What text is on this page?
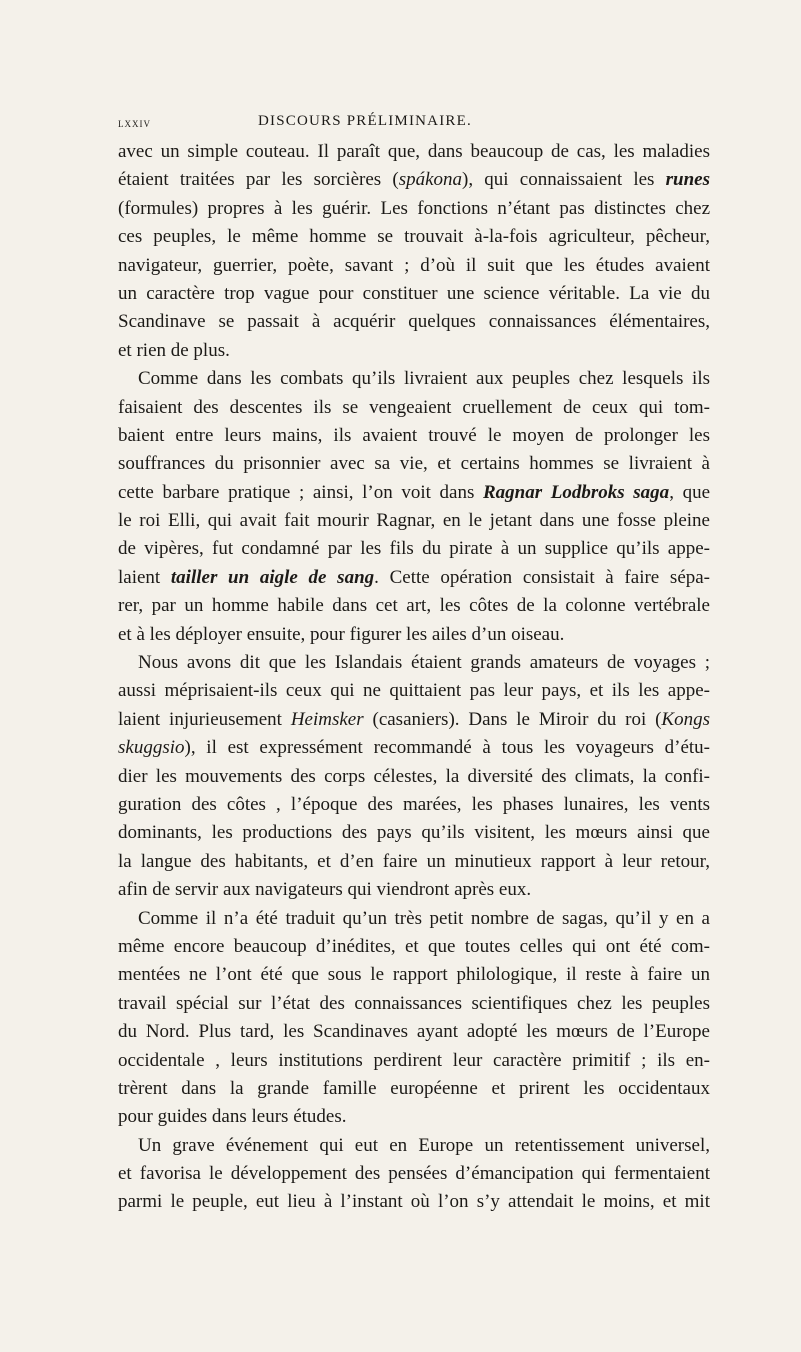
lxxiv	DISCOURS PRÉLIMINAIRE.
avec un simple couteau. Il paraît que, dans beaucoup de cas, les maladies
étaient traitées par les sorcières (spákona), qui connaissaient les runes
(formules) propres à les guérir. Les fonctions n’étant pas distinctes chez
ces peuples, le même homme se trouvait à-la-fois agriculteur, pêcheur,
navigateur, guerrier, poète, savant ; d’où il suit que les études avaient
un caractère trop vague pour constituer une science véritable. La vie du
Scandinave se passait à acquérir quelques connaissances élémentaires,
et rien de plus.
Comme dans les combats qu’ils livraient aux peuples chez lesquels ils
faisaient des descentes ils se vengeaient cruellement de ceux qui tom-
baient entre leurs mains, ils avaient trouvé le moyen de prolonger les
souffrances du prisonnier avec sa vie, et certains hommes se livraient à
cette barbare pratique ; ainsi, l’on voit dans Ragnar Lodbroks saga, que
le roi Elli, qui avait fait mourir Ragnar, en le jetant dans une fosse pleine
de vipères, fut condamné par les fils du pirate à un supplice qu’ils appe-
laient tailler un aigle de sang. Cette opération consistait à faire sépa-
rer, par un homme habile dans cet art, les côtes de la colonne vertébrale
et à les déployer ensuite, pour figurer les ailes d’un oiseau.
Nous avons dit que les Islandais étaient grands amateurs de voyages ;
aussi méprisaient-ils ceux qui ne quittaient pas leur pays, et ils les appe-
laient injurieusement Heimsker (casaniers). Dans le Miroir du roi (Kongs
skuggsio), il est expressément recommandé à tous les voyageurs d’étu-
dier les mouvements des corps célestes, la diversité des climats, la confi-
guration des côtes , l’époque des marées, les phases lunaires, les vents
dominants, les productions des pays qu’ils visitent, les mœurs ainsi que
la langue des habitants, et d’en faire un minutieux rapport à leur retour,
afin de servir aux navigateurs qui viendront après eux.
Comme il n’a été traduit qu’un très petit nombre de sagas, qu’il y en a
même encore beaucoup d’inédites, et que toutes celles qui ont été com-
mentées ne l’ont été que sous le rapport philologique, il reste à faire un
travail spécial sur l’état des connaissances scientifiques chez les peuples
du Nord. Plus tard, les Scandinaves ayant adopté les mœurs de l’Europe
occidentale , leurs institutions perdirent leur caractère primitif ; ils en-
trèrent dans la grande famille européenne et prirent les occidentaux
pour guides dans leurs études.
Un grave événement qui eut en Europe un retentissement universel,
et favorisa le développement des pensées d’émancipation qui fermentaient
parmi le peuple, eut lieu à l’instant où l’on s’y attendait le moins, et mit
